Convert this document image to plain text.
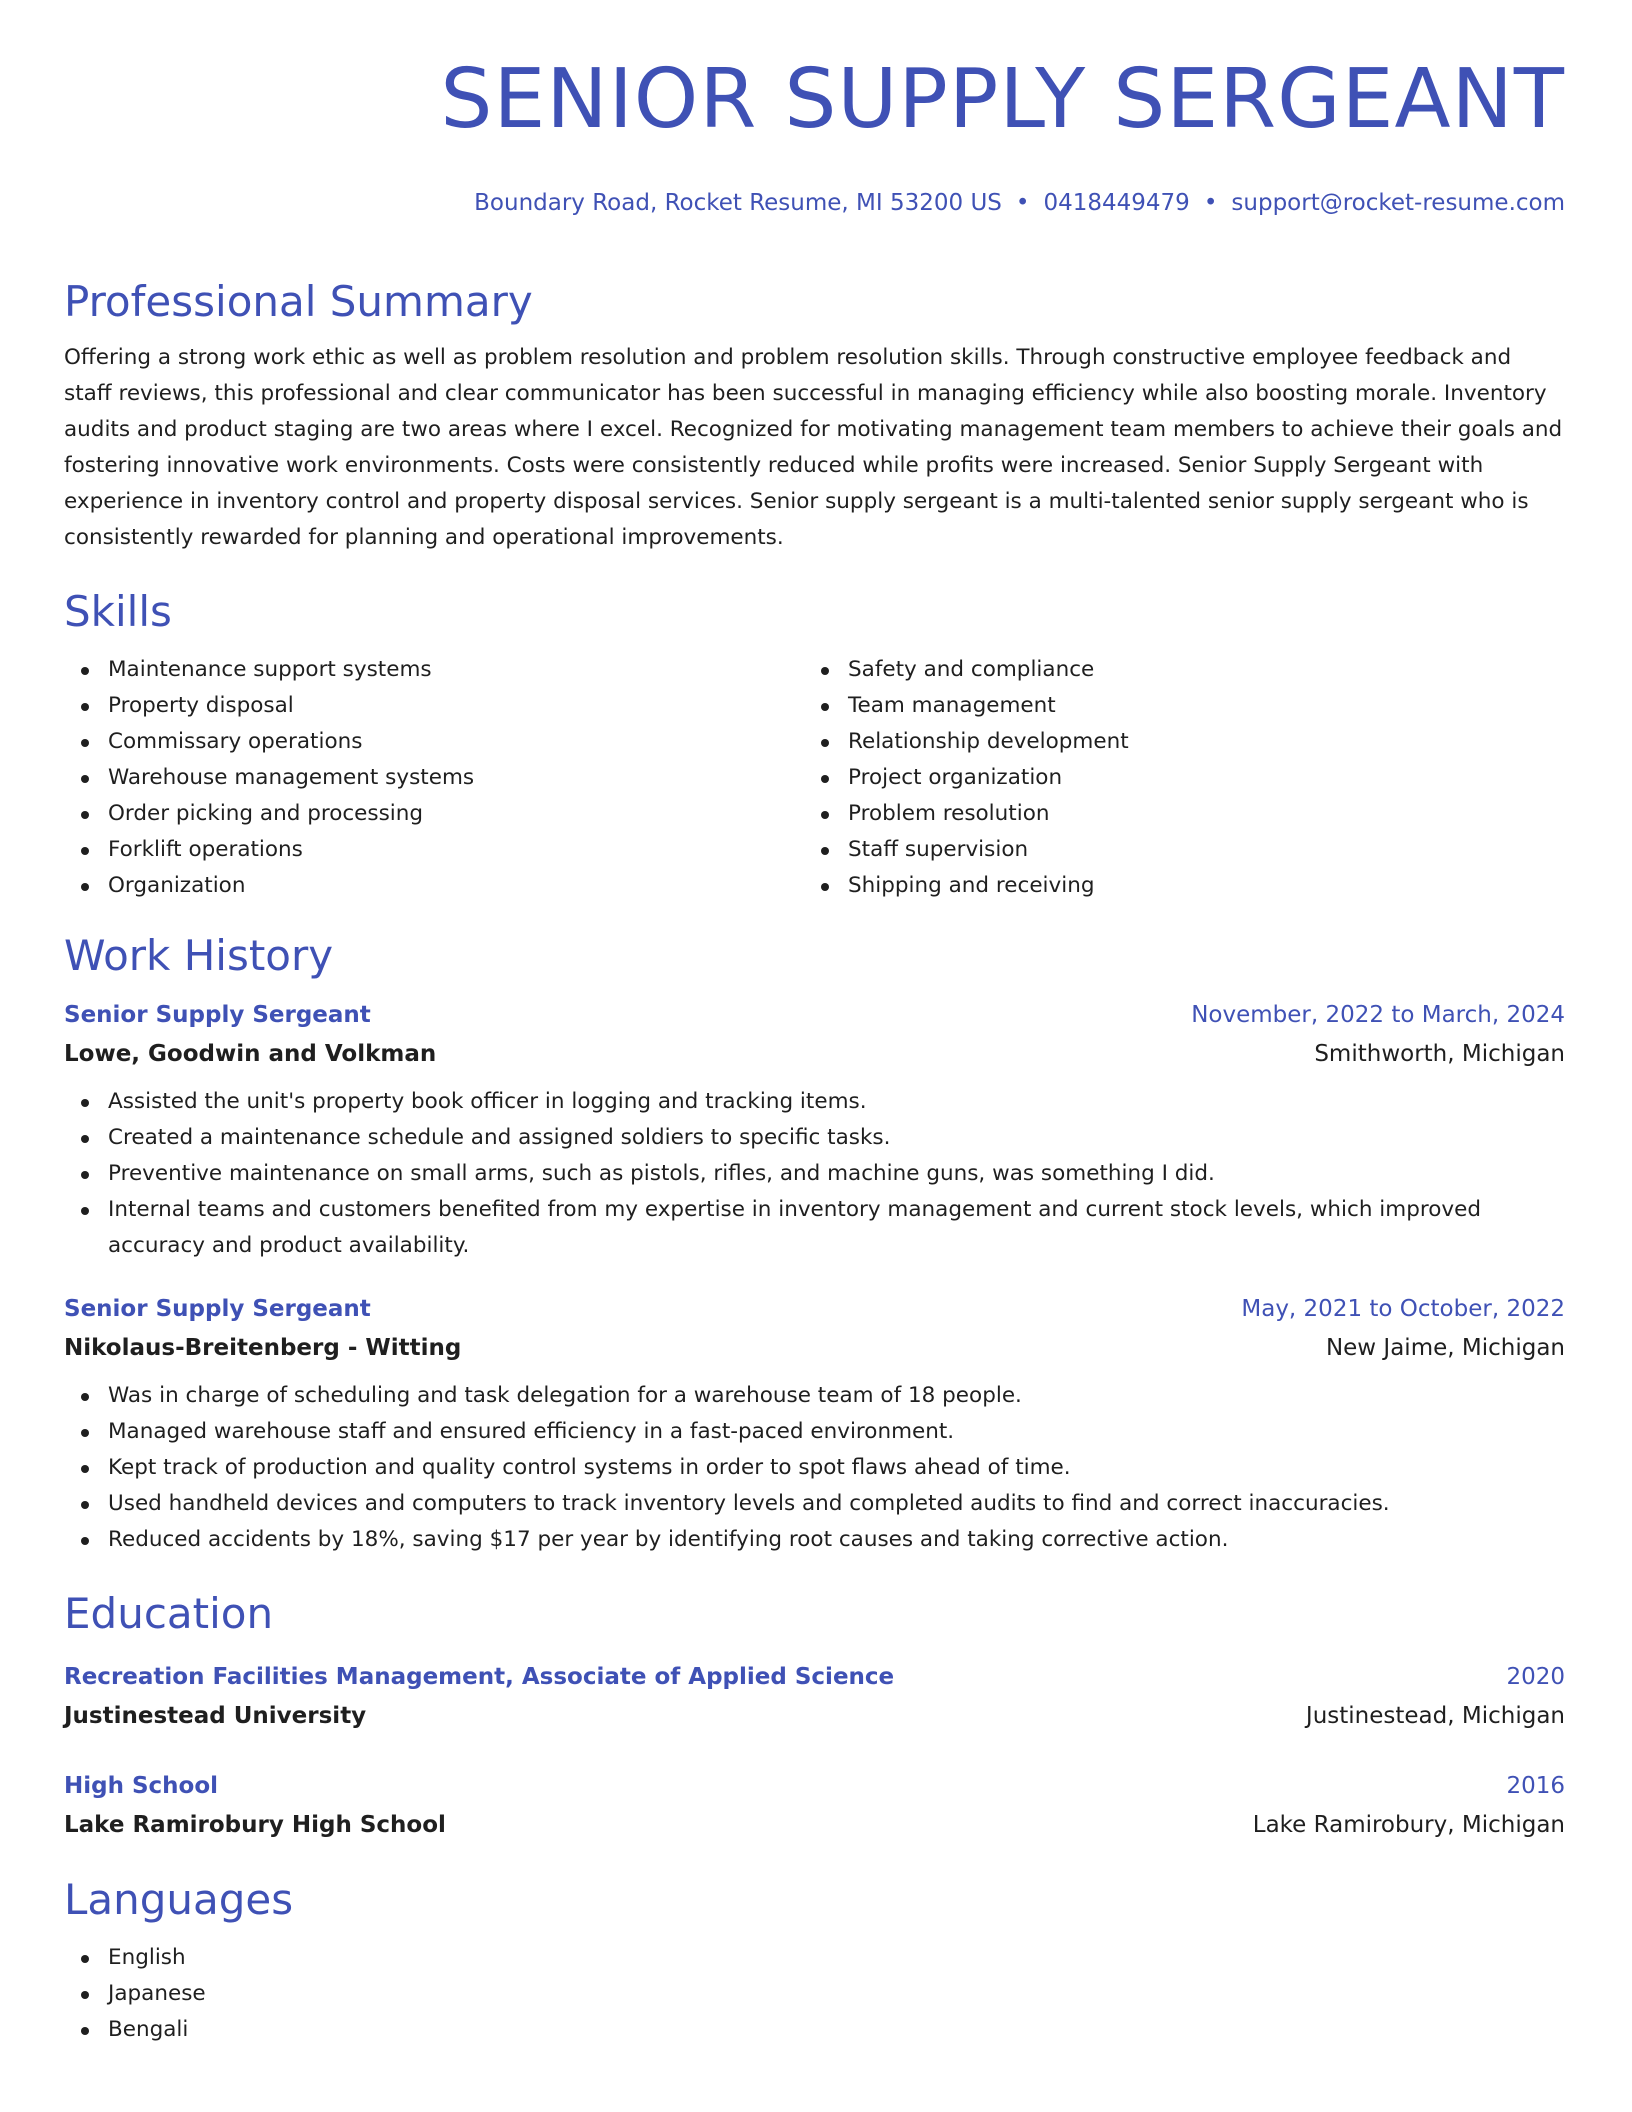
SENIOR SUPPLY SERGEANT
Boundary Road, Rocket Resume, MI 53200 US • 0418449479 • support@rocket-resume.com
Professional Summary

Offering a strong work ethic as well as problem resolution and problem resolution skills. Through constructive employee feedback and staff reviews, this professional and clear communicator has been successful in managing efficiency while also boosting morale. Inventory audits and product staging are two areas where I excel. Recognized for motivating management team members to achieve their goals and fostering innovative work environments. Costs were consistently reduced while profits were increased. Senior Supply Sergeant with experience in inventory control and property disposal services. Senior supply sergeant is a multi-talented senior supply sergeant who is consistently rewarded for planning and operational improvements.

Skills
Maintenance support systems
Property disposal
Commissary operations
Warehouse management systems
Order picking and processing
Forklift operations
Organization
Safety and compliance
Team management
Relationship development
Project organization
Problem resolution
Staff supervision
Shipping and receiving
Work History
Senior Supply Sergeant	November, 2022 to March, 2024
Lowe, Goodwin and Volkman	Smithworth, Michigan
Assisted the unit's property book officer in logging and tracking items.
Created a maintenance schedule and assigned soldiers to specific tasks.
Preventive maintenance on small arms, such as pistols, rifles, and machine guns, was something I did.
Internal teams and customers benefited from my expertise in inventory management and current stock levels, which improved accuracy and product availability.
Senior Supply Sergeant	May, 2021 to October, 2022
Nikolaus-Breitenberg - Witting	New Jaime, Michigan
Was in charge of scheduling and task delegation for a warehouse team of 18 people.
Managed warehouse staff and ensured efficiency in a fast-paced environment.
Kept track of production and quality control systems in order to spot flaws ahead of time.
Used handheld devices and computers to track inventory levels and completed audits to find and correct inaccuracies.
Reduced accidents by 18%, saving $17 per year by identifying root causes and taking corrective action.
Education
Recreation Facilities Management, Associate of Applied Science	2020
Justinestead University	Justinestead, Michigan
High School	2016
Lake Ramirobury High School	Lake Ramirobury, Michigan
Languages
English
Japanese
Bengali
